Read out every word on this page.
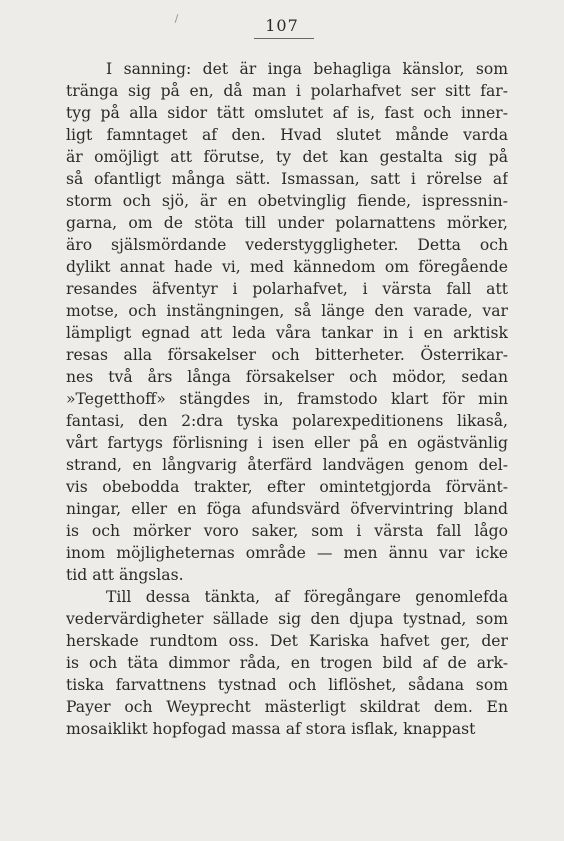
107
I sanning: det är inga behagliga känslor, som
tränga sig på en, då man i polarhafvet ser sitt far-
tyg på alla sidor tätt omslutet af is, fast och inner-
ligt famntaget af den. Hvad slutet månde varda
är omöjligt att förutse, ty det kan gestalta sig på
så ofantligt många sätt. Ismassan, satt i rörelse af
storm och sjö, är en obetvinglig fiende, ispressnin-
garna, om de stöta till under polarnattens mörker,
äro själsmördande vederstyggligheter. Detta och
dylikt annat hade vi, med kännedom om föregående
resandes äfventyr i polarhafvet, i värsta fall att
motse, och instängningen, så länge den varade, var
lämpligt egnad att leda våra tankar in i en arktisk
resas alla försakelser och bitterheter. Österrikar-
nes två års långa försakelser och mödor, sedan
»Tegetthoff» stängdes in, framstodo klart för min
fantasi, den 2:dra tyska polarexpeditionens likaså,
vårt fartygs förlisning i isen eller på en ogästvänlig
strand, en långvarig återfärd landvägen genom del-
vis obebodda trakter, efter omintetgjorda förvänt-
ningar, eller en föga afundsvärd öfvervintring bland
is och mörker voro saker, som i värsta fall lågo
inom möjligheternas område — men ännu var icke
tid att ängslas.
Till dessa tänkta, af föregångare genomlefda
vedervärdigheter sällade sig den djupa tystnad, som
herskade rundtom oss. Det Kariska hafvet ger, der
is och täta dimmor råda, en trogen bild af de ark-
tiska farvattnens tystnad och liflöshet, sådana som
Payer och Weyprecht mästerligt skildrat dem. En
mosaiklikt hopfogad massa af stora isflak, knappast
